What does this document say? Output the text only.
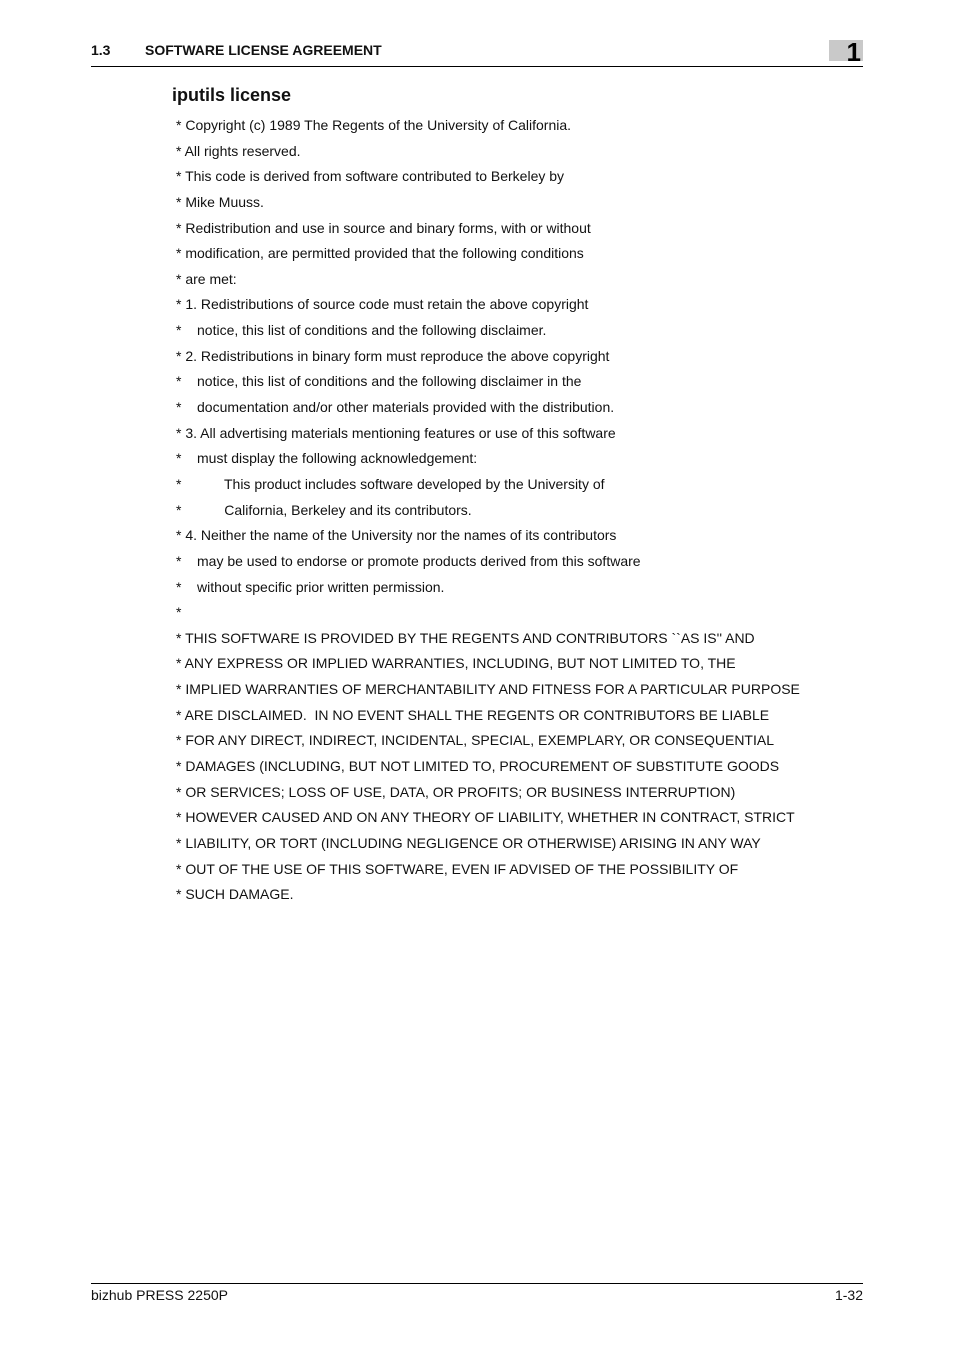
1.3 SOFTWARE LICENSE AGREEMENT	1
iputils license
* Copyright (c) 1989 The Regents of the University of California.
* All rights reserved.
* This code is derived from software contributed to Berkeley by
* Mike Muuss.
* Redistribution and use in source and binary forms, with or without
* modification, are permitted provided that the following conditions
* are met:
* 1. Redistributions of source code must retain the above copyright
*    notice, this list of conditions and the following disclaimer.
* 2. Redistributions in binary form must reproduce the above copyright
*    notice, this list of conditions and the following disclaimer in the
*    documentation and/or other materials provided with the distribution.
* 3. All advertising materials mentioning features or use of this software
*    must display the following acknowledgement:
*           This product includes software developed by the University of
*           California, Berkeley and its contributors.
* 4. Neither the name of the University nor the names of its contributors
*    may be used to endorse or promote products derived from this software
*    without specific prior written permission.
*
* THIS SOFTWARE IS PROVIDED BY THE REGENTS AND CONTRIBUTORS ``AS IS'' AND
* ANY EXPRESS OR IMPLIED WARRANTIES, INCLUDING, BUT NOT LIMITED TO, THE
* IMPLIED WARRANTIES OF MERCHANTABILITY AND FITNESS FOR A PARTICULAR PURPOSE
* ARE DISCLAIMED.  IN NO EVENT SHALL THE REGENTS OR CONTRIBUTORS BE LIABLE
* FOR ANY DIRECT, INDIRECT, INCIDENTAL, SPECIAL, EXEMPLARY, OR CONSEQUENTIAL
* DAMAGES (INCLUDING, BUT NOT LIMITED TO, PROCUREMENT OF SUBSTITUTE GOODS
* OR SERVICES; LOSS OF USE, DATA, OR PROFITS; OR BUSINESS INTERRUPTION)
* HOWEVER CAUSED AND ON ANY THEORY OF LIABILITY, WHETHER IN CONTRACT, STRICT
* LIABILITY, OR TORT (INCLUDING NEGLIGENCE OR OTHERWISE) ARISING IN ANY WAY
* OUT OF THE USE OF THIS SOFTWARE, EVEN IF ADVISED OF THE POSSIBILITY OF
* SUCH DAMAGE.
bizhub PRESS 2250P	1-32
